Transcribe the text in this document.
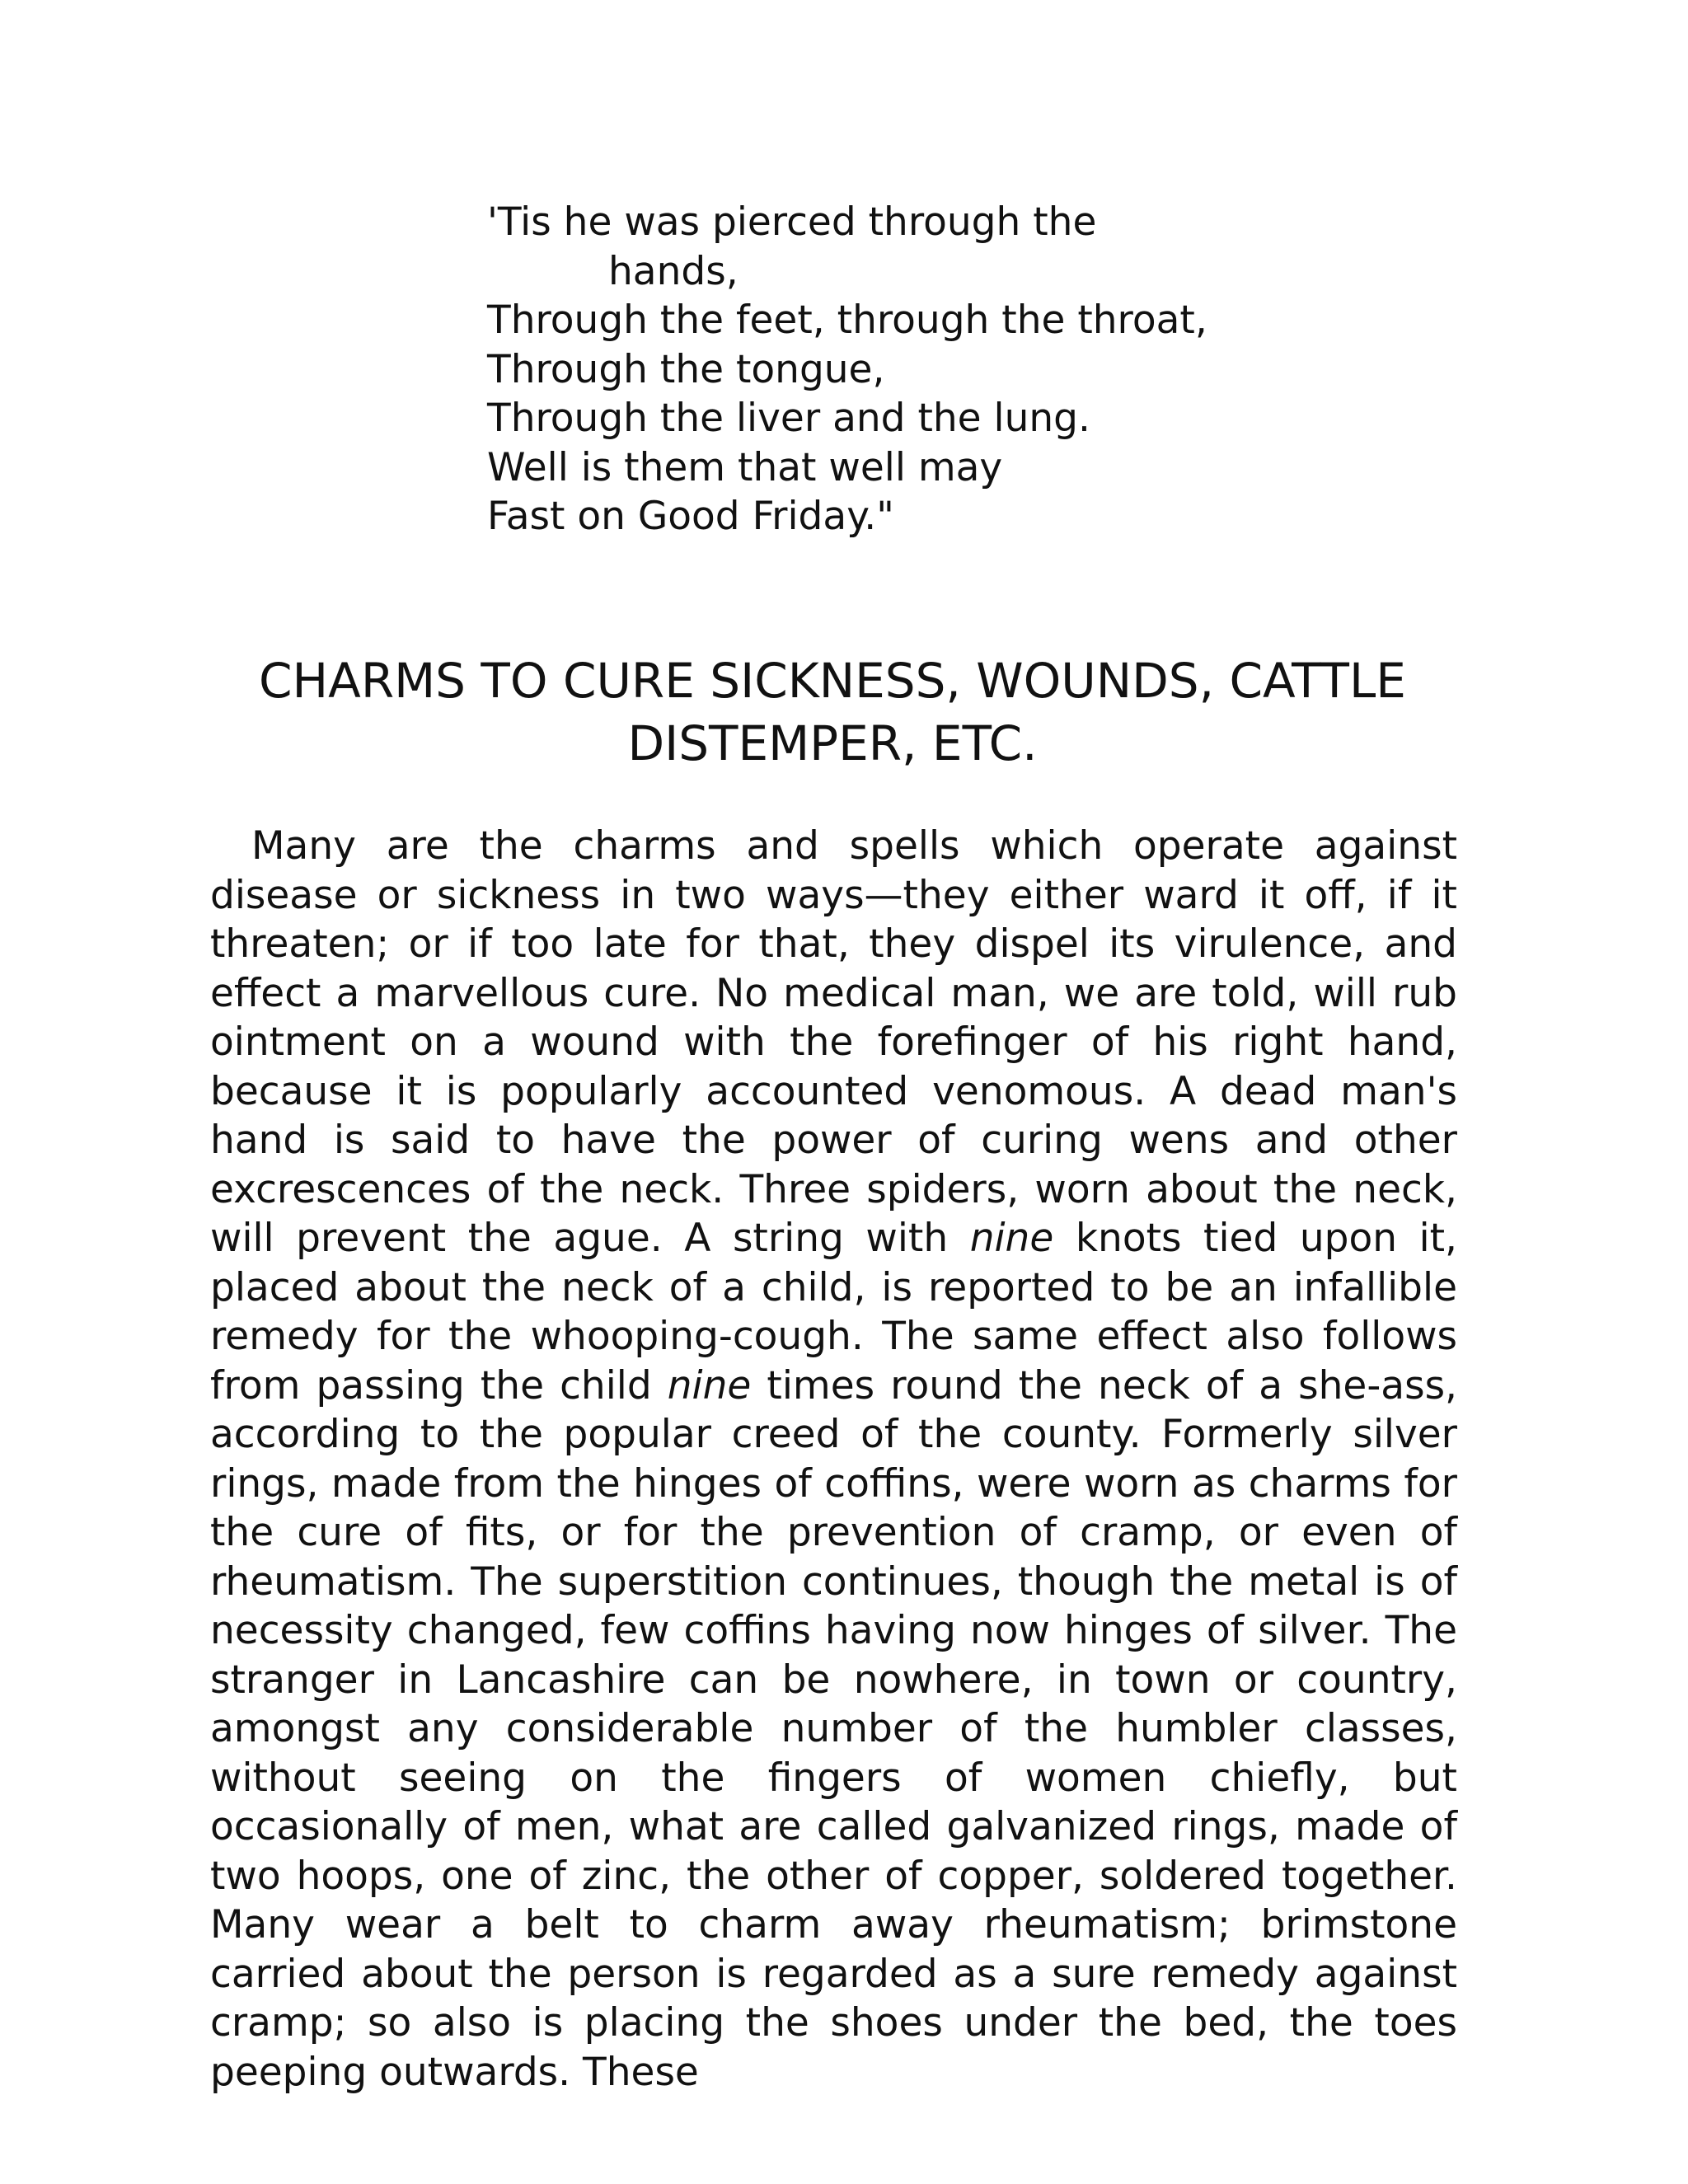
'Tis he was pierced through the
hands,
Through the feet, through the throat,
Through the tongue,
Through the liver and the lung.
Well is them that well may
Fast on Good Friday."
CHARMS TO CURE SICKNESS, WOUNDS, CATTLE DISTEMPER, ETC.

Many are the charms and spells which operate against disease or sickness in two ways—they either ward it off, if it threaten; or if too late for that, they dispel its virulence, and effect a marvellous cure. No medical man, we are told, will rub ointment on a wound with the forefinger of his right hand, because it is popularly accounted venomous. A dead man's hand is said to have the power of curing wens and other excrescences of the neck. Three spiders, worn about the neck, will prevent the ague. A string with nine knots tied upon it, placed about the neck of a child, is reported to be an infallible remedy for the whooping-cough. The same effect also follows from passing the child nine times round the neck of a she-ass, according to the popular creed of the county. Formerly silver rings, made from the hinges of coffins, were worn as charms for the cure of fits, or for the prevention of cramp, or even of rheumatism. The superstition continues, though the metal is of necessity changed, few coffins having now hinges of silver. The stranger in Lancashire can be nowhere, in town or country, amongst any considerable number of the humbler classes, without seeing on the fingers of women chiefly, but occasionally of men, what are called galvanized rings, made of two hoops, one of zinc, the other of copper, soldered together. Many wear a belt to charm away rheumatism; brimstone carried about the person is regarded as a sure remedy against cramp; so also is placing the shoes under the bed, the toes peeping outwards. These
